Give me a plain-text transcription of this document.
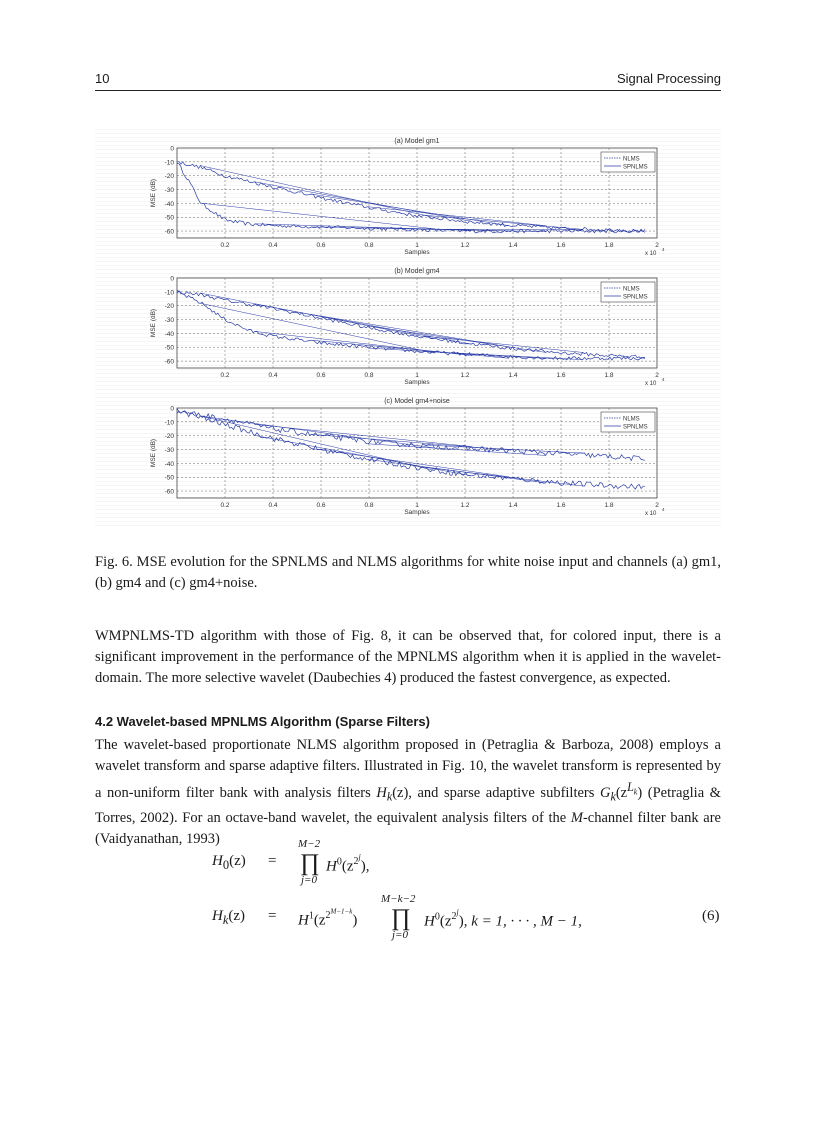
10	Signal Processing
(a) Model gm1
0
-10
-20
-30
-40
-50
-60
0.2	0.4	0.6	0.8	1	1.2	1.4	1.6	1.8	2
Samples
MSE (dB)
x 10
4
NLMS
SPNLMS
(b) Model gm4
0
-10
-20
-30
-40
-50
-60
0.2	0.4	0.6	0.8	1	1.2	1.4	1.6	1.8	2
Samples
MSE (dB)
x 10
4
NLMS
SPNLMS
(c) Model gm4+noise
0
-10
-20
-30
-40
-50
-60
0.2	0.4	0.6	0.8	1	1.2	1.4	1.6	1.8	2
Samples
MSE (dB)
x 10
4
NLMS
SPNLMS
Fig. 6. MSE evolution for the SPNLMS and NLMS algorithms for white noise input and channels (a) gm1, (b) gm4 and (c) gm4+noise.
WMPNLMS-TD algorithm with those of Fig. 8, it can be observed that, for colored input, there is a significant improvement in the performance of the MPNLMS algorithm when it is applied in the wavelet-domain. The more selective wavelet (Daubechies 4) produced the fastest convergence, as expected.
4.2 Wavelet-based MPNLMS Algorithm (Sparse Filters)
The wavelet-based proportionate NLMS algorithm proposed in (Petraglia & Barboza, 2008) employs a wavelet transform and sparse adaptive filters. Illustrated in Fig. 10, the wavelet transform is represented by a non-uniform filter bank with analysis filters $H_k(z)$, and sparse adaptive subfilters $G_k(z^{L_k})$ (Petraglia & Torres, 2002). For an octave-band wavelet, the equivalent analysis filters of the M-channel filter bank are (Vaidyanathan, 1993)
$H_0(z)$ =
M−2
∏
j=0
$H^0(z^{2^j})$,
$H_k(z) = H^1(z^{2^{M-1-k}})$
M−k−2
∏
j=0
$H^0(z^{2^j})$, k = 1, · · · , M − 1,	(6)
